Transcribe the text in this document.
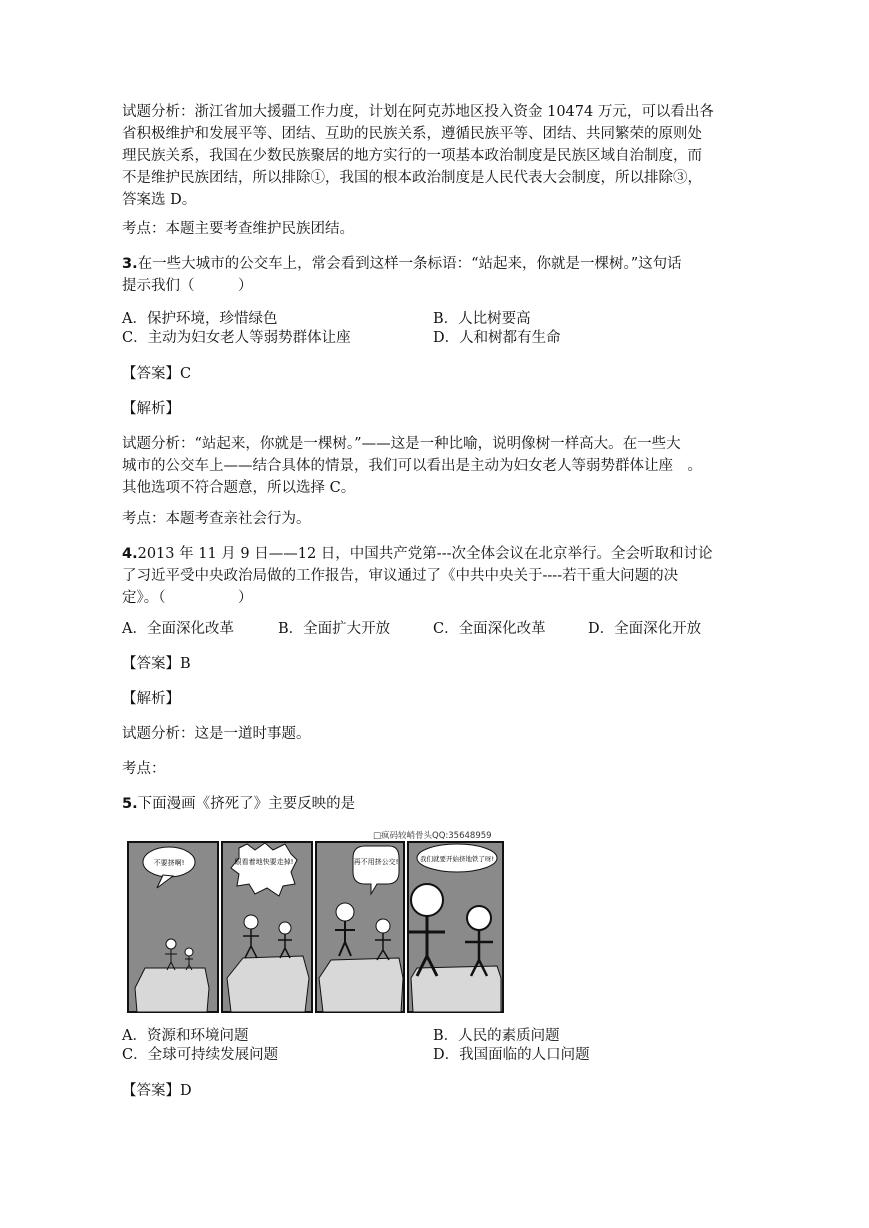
试题分析：浙江省加大援疆工作力度，计划在阿克苏地区投入资金 10474 万元，可以看出各
省积极维护和发展平等、团结、互助的民族关系，遵循民族平等、团结、共同繁荣的原则处
理民族关系，我国在少数民族聚居的地方实行的一项基本政治制度是民族区域自治制度，而
不是维护民族团结，所以排除①，我国的根本政治制度是人民代表大会制度，所以排除③，
答案选 D。
考点：本题主要考查维护民族团结。
3.在一些大城市的公交车上，常会看到这样一条标语：“站起来，你就是一棵树。”这句话
提示我们（　　　）
A．保护环境，珍惜绿色	B．人比树要高
C．主动为妇女老人等弱势群体让座	D．人和树都有生命
【答案】C
【解析】
试题分析：“站起来，你就是一棵树。”——这是一种比喻，说明像树一样高大。在一些大
城市的公交车上——结合具体的情景，我们可以看出是主动为妇女老人等弱势群体让座　。
其他选项不符合题意，所以选择 C。
考点：本题考查亲社会行为。
4.2013 年 11 月 9 日——12 日，中国共产党第---次全体会议在北京举行。全会听取和讨论
了习近平受中央政治局做的工作报告，审议通过了《中共中央关于----若干重大问题的决
定》。（　　　　　）
A．全面深化改革	B．全面扩大开放	C．全面深化改革	D．全面深化开放
【答案】B
【解析】
试题分析：这是一道时事题。
考点：
5.下面漫画《挤死了》主要反映的是
□疯码较峭骨头QQ:35648959
不要挤啊!	眼看着地快要走掉!	再不用挤公交!	我们就要开始挤地铁了呀!
A．资源和环境问题	B．人民的素质问题
C．全球可持续发展问题	D．我国面临的人口问题
【答案】D
